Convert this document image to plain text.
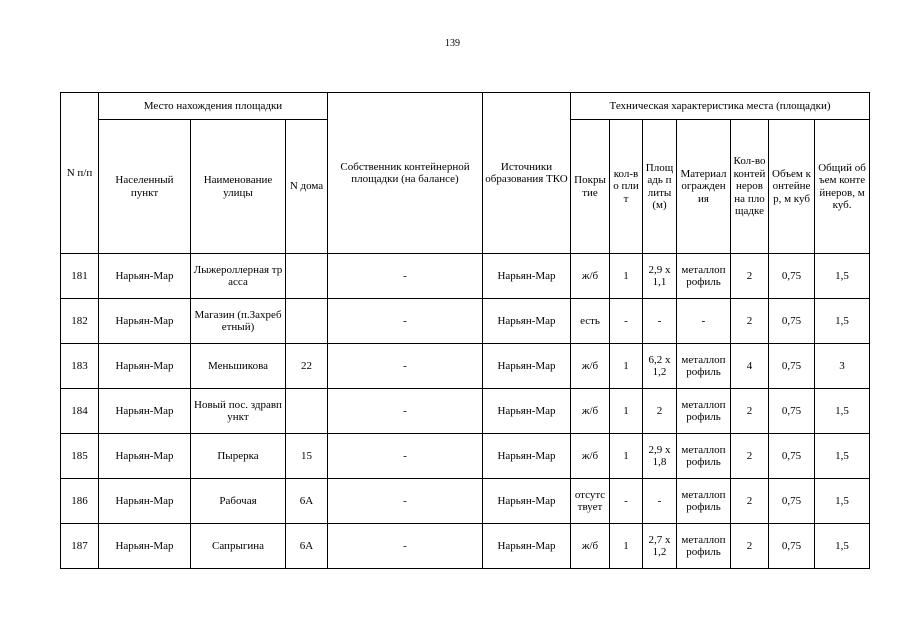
139
N п/п	Место нахождения площадки			Собственник контейнерной площадки (на балансе)	Источники образования ТКО	Техническая характеристика места (площадки)						
	Населенный пункт	Наименование улицы	N дома			Покрытие	кол-во плит	Площадь плиты (м)	Материал ограждения	Кол-во контейнеров на площадке	Объем контейнер, м куб	Общий объем контейнеров, м куб.
181	Нарьян-Мар	Лыжероллерная трасса		-	Нарьян-Мар	ж/б	1	2,9 х 1,1	металлопрофиль	2	0,75	1,5
182	Нарьян-Мар	Магазин (п.Захребетный)		-	Нарьян-Мар	есть	-	-	-	2	0,75	1,5
183	Нарьян-Мар	Меньшикова	22	-	Нарьян-Мар	ж/б	1	6,2 х 1,2	металлопрофиль	4	0,75	3
184	Нарьян-Мар	Новый пос. здравпункт		-	Нарьян-Мар	ж/б	1	2	металлопрофиль	2	0,75	1,5
185	Нарьян-Мар	Пырерка	15	-	Нарьян-Мар	ж/б	1	2,9 х 1,8	металлопрофиль	2	0,75	1,5
186	Нарьян-Мар	Рабочая	6А	-	Нарьян-Мар	отсутствует	-	-	металлопрофиль	2	0,75	1,5
187	Нарьян-Мар	Сапрыгина	6А	-	Нарьян-Мар	ж/б	1	2,7 х 1,2	металлопрофиль	2	0,75	1,5
